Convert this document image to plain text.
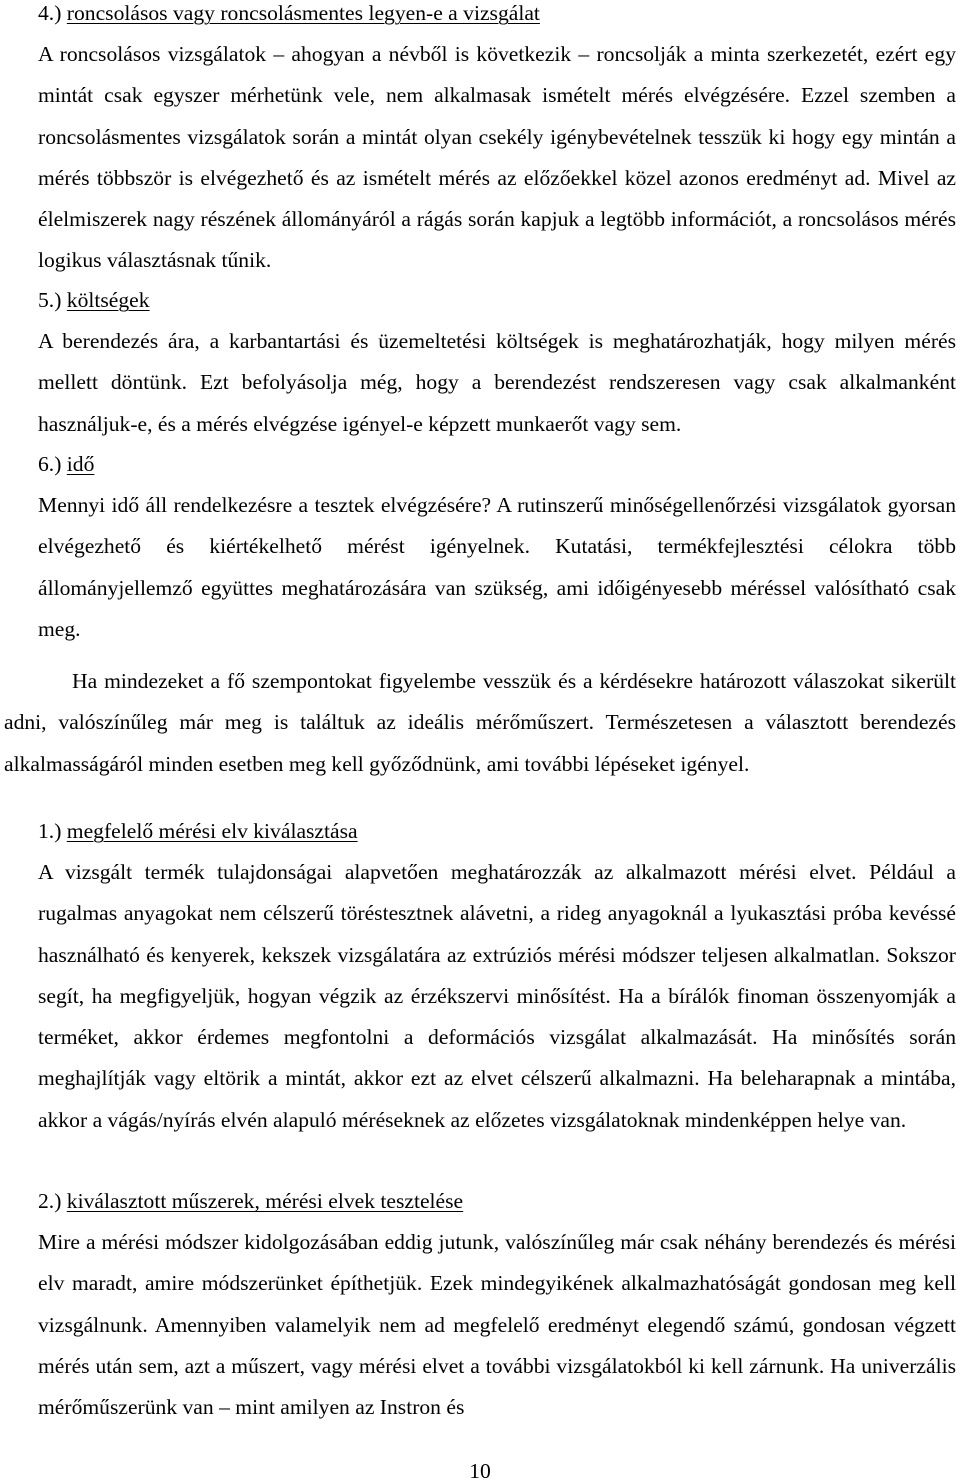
4.) roncsolásos vagy roncsolásmentes legyen-e a vizsgálat
A roncsolásos vizsgálatok – ahogyan a névből is következik – roncsolják a minta szerkezetét, ezért egy mintát csak egyszer mérhetünk vele, nem alkalmasak ismételt mérés elvégzésére. Ezzel szemben a roncsolásmentes vizsgálatok során a mintát olyan csekély igénybevételnek tesszük ki hogy egy mintán a mérés többször is elvégezhető és az ismételt mérés az előzőekkel közel azonos eredményt ad. Mivel az élelmiszerek nagy részének állományáról a rágás során kapjuk a legtöbb információt, a roncsolásos mérés logikus választásnak tűnik.
5.) költségek
A berendezés ára, a karbantartási és üzemeltetési költségek is meghatározhatják, hogy milyen mérés mellett döntünk. Ezt befolyásolja még, hogy a berendezést rendszeresen vagy csak alkalmanként használjuk-e, és a mérés elvégzése igényel-e képzett munkaerőt vagy sem.
6.) idő
Mennyi idő áll rendelkezésre a tesztek elvégzésére? A rutinszerű minőségellenőrzési vizsgálatok gyorsan elvégezhető és kiértékelhető mérést igényelnek. Kutatási, termékfejlesztési célokra több állományjellemző együttes meghatározására van szükség, ami időigényesebb méréssel valósítható csak meg.
Ha mindezeket a fő szempontokat figyelembe vesszük és a kérdésekre határozott válaszokat sikerült adni, valószínűleg már meg is találtuk az ideális mérőműszert. Természetesen a választott berendezés alkalmasságáról minden esetben meg kell győződnünk, ami további lépéseket igényel.
1.) megfelelő mérési elv kiválasztása
A vizsgált termék tulajdonságai alapvetően meghatározzák az alkalmazott mérési elvet. Például a rugalmas anyagokat nem célszerű töréstesztnek alávetni, a rideg anyagoknál a lyukasztási próba kevéssé használható és kenyerek, kekszek vizsgálatára az extrúziós mérési módszer teljesen alkalmatlan. Sokszor segít, ha megfigyeljük, hogyan végzik az érzékszervi minősítést. Ha a bírálók finoman összenyomják a terméket, akkor érdemes megfontolni a deformációs vizsgálat alkalmazását. Ha minősítés során meghajlítják vagy eltörik a mintát, akkor ezt az elvet célszerű alkalmazni. Ha beleharapnak a mintába, akkor a vágás/nyírás elvén alapuló méréseknek az előzetes vizsgálatoknak mindenképpen helye van.
2.) kiválasztott műszerek, mérési elvek tesztelése
Mire a mérési módszer kidolgozásában eddig jutunk, valószínűleg már csak néhány berendezés és mérési elv maradt, amire módszerünket építhetjük. Ezek mindegyikének alkalmazhatóságát gondosan meg kell vizsgálnunk. Amennyiben valamelyik nem ad megfelelő eredményt elegendő számú, gondosan végzett mérés után sem, azt a műszert, vagy mérési elvet a további vizsgálatokból ki kell zárnunk. Ha univerzális mérőműszerünk van – mint amilyen az Instron és
10
